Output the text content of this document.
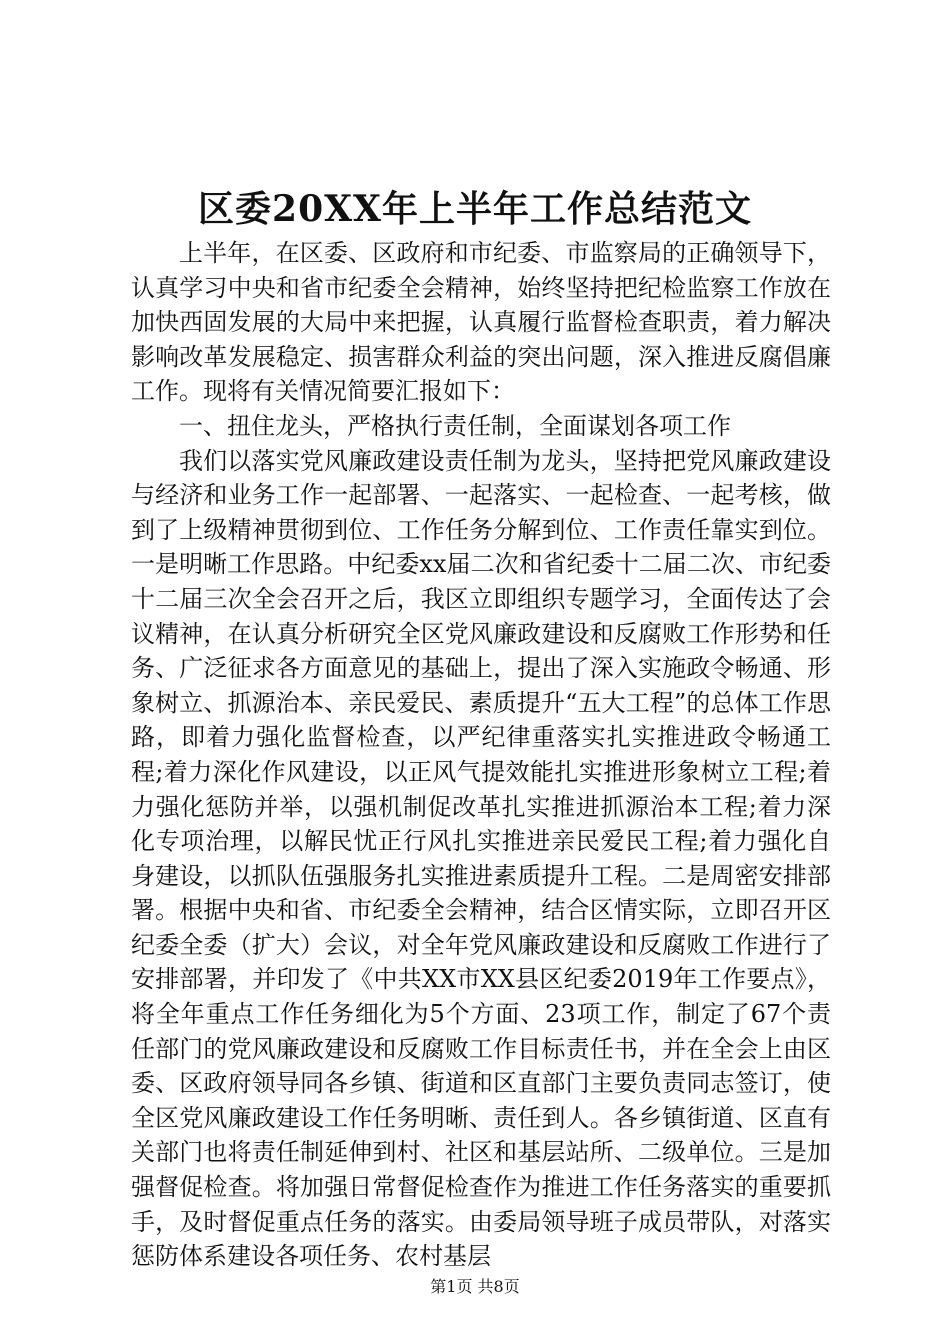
区委20XX年上半年工作总结范文

上半年，在区委、区政府和市纪委、市监察局的正确领导下，认真学习中央和省市纪委全会精神，始终坚持把纪检监察工作放在加快西固发展的大局中来把握，认真履行监督检查职责，着力解决影响改革发展稳定、损害群众利益的突出问题，深入推进反腐倡廉工作。现将有关情况简要汇报如下：

一、扭住龙头，严格执行责任制，全面谋划各项工作

我们以落实党风廉政建设责任制为龙头，坚持把党风廉政建设与经济和业务工作一起部署、一起落实、一起检查、一起考核，做到了上级精神贯彻到位、工作任务分解到位、工作责任靠实到位。一是明晰工作思路。中纪委xx届二次和省纪委十二届二次、市纪委十二届三次全会召开之后，我区立即组织专题学习，全面传达了会议精神，在认真分析研究全区党风廉政建设和反腐败工作形势和任务、广泛征求各方面意见的基础上，提出了深入实施政令畅通、形象树立、抓源治本、亲民爱民、素质提升“五大工程”的总体工作思路，即着力强化监督检查，以严纪律重落实扎实推进政令畅通工程;着力深化作风建设，以正风气提效能扎实推进形象树立工程;着力强化惩防并举，以强机制促改革扎实推进抓源治本工程;着力深化专项治理，以解民忧正行风扎实推进亲民爱民工程;着力强化自身建设，以抓队伍强服务扎实推进素质提升工程。二是周密安排部署。根据中央和省、市纪委全会精神，结合区情实际，立即召开区纪委全委（扩大）会议，对全年党风廉政建设和反腐败工作进行了安排部署，并印发了《中共XX市XX县区纪委2019年工作要点》，将全年重点工作任务细化为5个方面、23项工作，制定了67个责任部门的党风廉政建设和反腐败工作目标责任书，并在全会上由区委、区政府领导同各乡镇、街道和区直部门主要负责同志签订，使全区党风廉政建设工作任务明晰、责任到人。各乡镇街道、区直有关部门也将责任制延伸到村、社区和基层站所、二级单位。三是加强督促检查。将加强日常督促检查作为推进工作任务落实的重要抓手，及时督促重点任务的落实。由委局领导班子成员带队，对落实惩防体系建设各项任务、农村基层

第1页 共8页
